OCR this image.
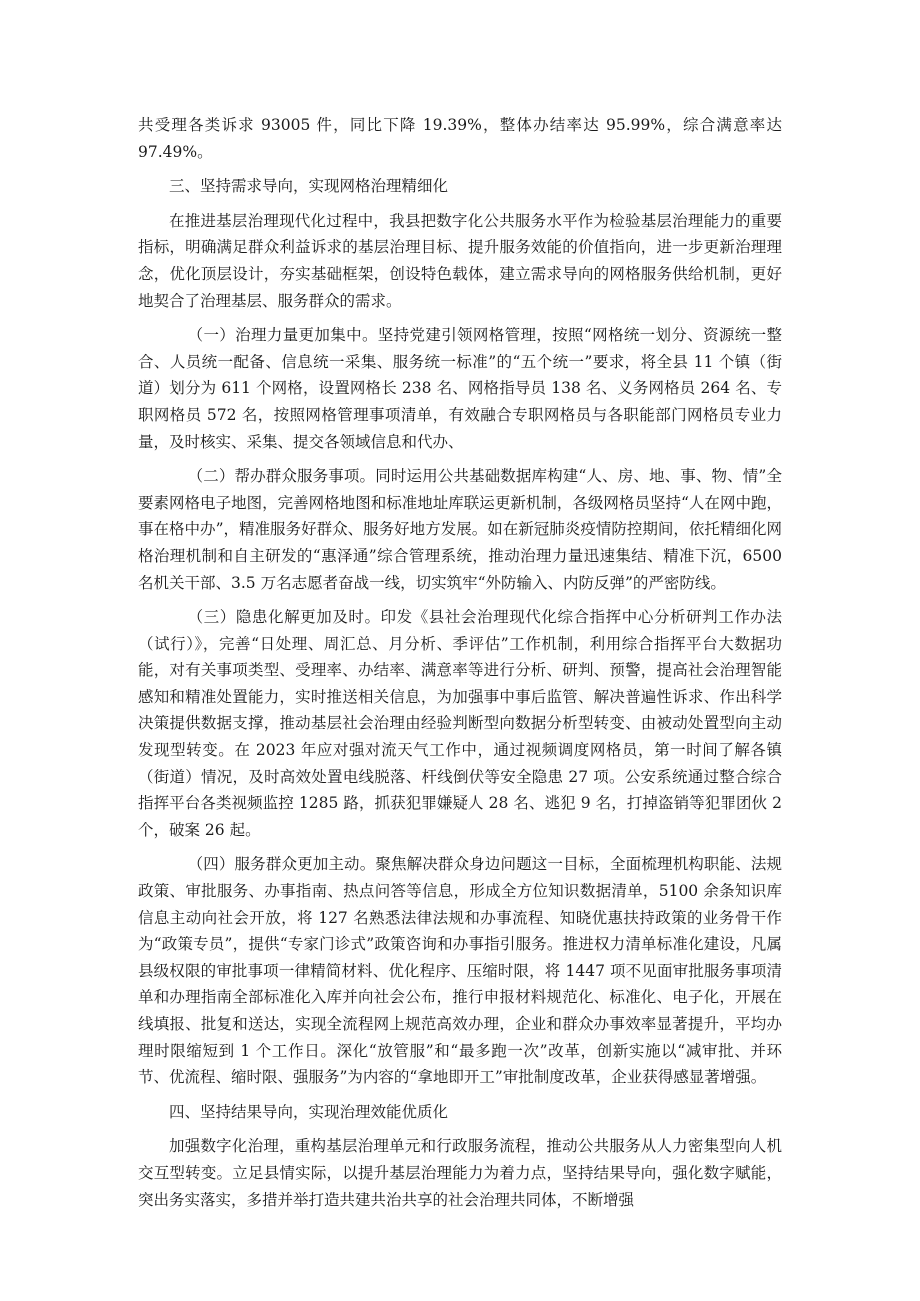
共受理各类诉求 93005 件，同比下降 19.39%，整体办结率达 95.99%，综合满意率达 97.49%。

三、坚持需求导向，实现网格治理精细化

在推进基层治理现代化过程中，我县把数字化公共服务水平作为检验基层治理能力的重要指标，明确满足群众利益诉求的基层治理目标、提升服务效能的价值指向，进一步更新治理理念，优化顶层设计，夯实基础框架，创设特色载体，建立需求导向的网格服务供给机制，更好地契合了治理基层、服务群众的需求。

（一）治理力量更加集中。坚持党建引领网格管理，按照“网格统一划分、资源统一整合、人员统一配备、信息统一采集、服务统一标准”的“五个统一”要求，将全县 11 个镇（街道）划分为 611 个网格，设置网格长 238 名、网格指导员 138 名、义务网格员 264 名、专职网格员 572 名，按照网格管理事项清单，有效融合专职网格员与各职能部门网格员专业力量，及时核实、采集、提交各领域信息和代办、

（二）帮办群众服务事项。同时运用公共基础数据库构建“人、房、地、事、物、情”全要素网格电子地图，完善网格地图和标准地址库联运更新机制，各级网格员坚持“人在网中跑，事在格中办”，精准服务好群众、服务好地方发展。如在新冠肺炎疫情防控期间，依托精细化网格治理机制和自主研发的“惠泽通”综合管理系统，推动治理力量迅速集结、精准下沉，6500 名机关干部、3.5 万名志愿者奋战一线，切实筑牢“外防输入、内防反弹”的严密防线。

（三）隐患化解更加及时。印发《县社会治理现代化综合指挥中心分析研判工作办法（试行）》，完善“日处理、周汇总、月分析、季评估”工作机制，利用综合指挥平台大数据功能，对有关事项类型、受理率、办结率、满意率等进行分析、研判、预警，提高社会治理智能感知和精准处置能力，实时推送相关信息，为加强事中事后监管、解决普遍性诉求、作出科学决策提供数据支撑，推动基层社会治理由经验判断型向数据分析型转变、由被动处置型向主动发现型转变。在 2023 年应对强对流天气工作中，通过视频调度网格员，第一时间了解各镇（街道）情况，及时高效处置电线脱落、杆线倒伏等安全隐患 27 项。公安系统通过整合综合指挥平台各类视频监控 1285 路，抓获犯罪嫌疑人 28 名、逃犯 9 名，打掉盗销等犯罪团伙 2 个，破案 26 起。

（四）服务群众更加主动。聚焦解决群众身边问题这一目标，全面梳理机构职能、法规政策、审批服务、办事指南、热点问答等信息，形成全方位知识数据清单，5100 余条知识库信息主动向社会开放，将 127 名熟悉法律法规和办事流程、知晓优惠扶持政策的业务骨干作为“政策专员”，提供“专家门诊式”政策咨询和办事指引服务。推进权力清单标准化建设，凡属县级权限的审批事项一律精简材料、优化程序、压缩时限，将 1447 项不见面审批服务事项清单和办理指南全部标准化入库并向社会公布，推行申报材料规范化、标准化、电子化，开展在线填报、批复和送达，实现全流程网上规范高效办理，企业和群众办事效率显著提升，平均办理时限缩短到 1 个工作日。深化“放管服”和“最多跑一次”改革，创新实施以“减审批、并环节、优流程、缩时限、强服务”为内容的“拿地即开工”审批制度改革，企业获得感显著增强。

四、坚持结果导向，实现治理效能优质化

加强数字化治理，重构基层治理单元和行政服务流程，推动公共服务从人力密集型向人机交互型转变。立足县情实际，以提升基层治理能力为着力点，坚持结果导向，强化数字赋能，突出务实落实，多措并举打造共建共治共享的社会治理共同体，不断增强
